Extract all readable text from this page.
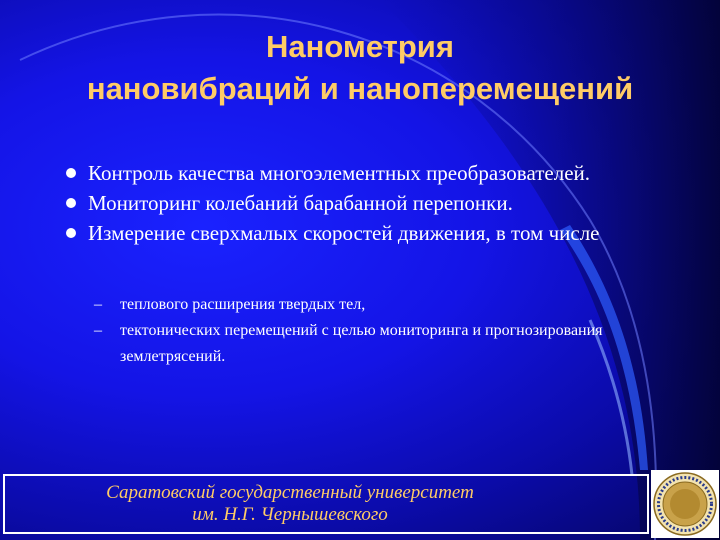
Нанометрия
нановибраций и наноперемещений
Контроль качества многоэлементных преобразователей.
Мониторинг колебаний барабанной перепонки.
Измерение сверхмалых скоростей движения, в том числе
– теплового расширения твердых тел,
– тектонических перемещений с целью мониторинга и прогнозирования землетрясений.
Саратовский государственный университет
им. Н.Г. Чернышевского
